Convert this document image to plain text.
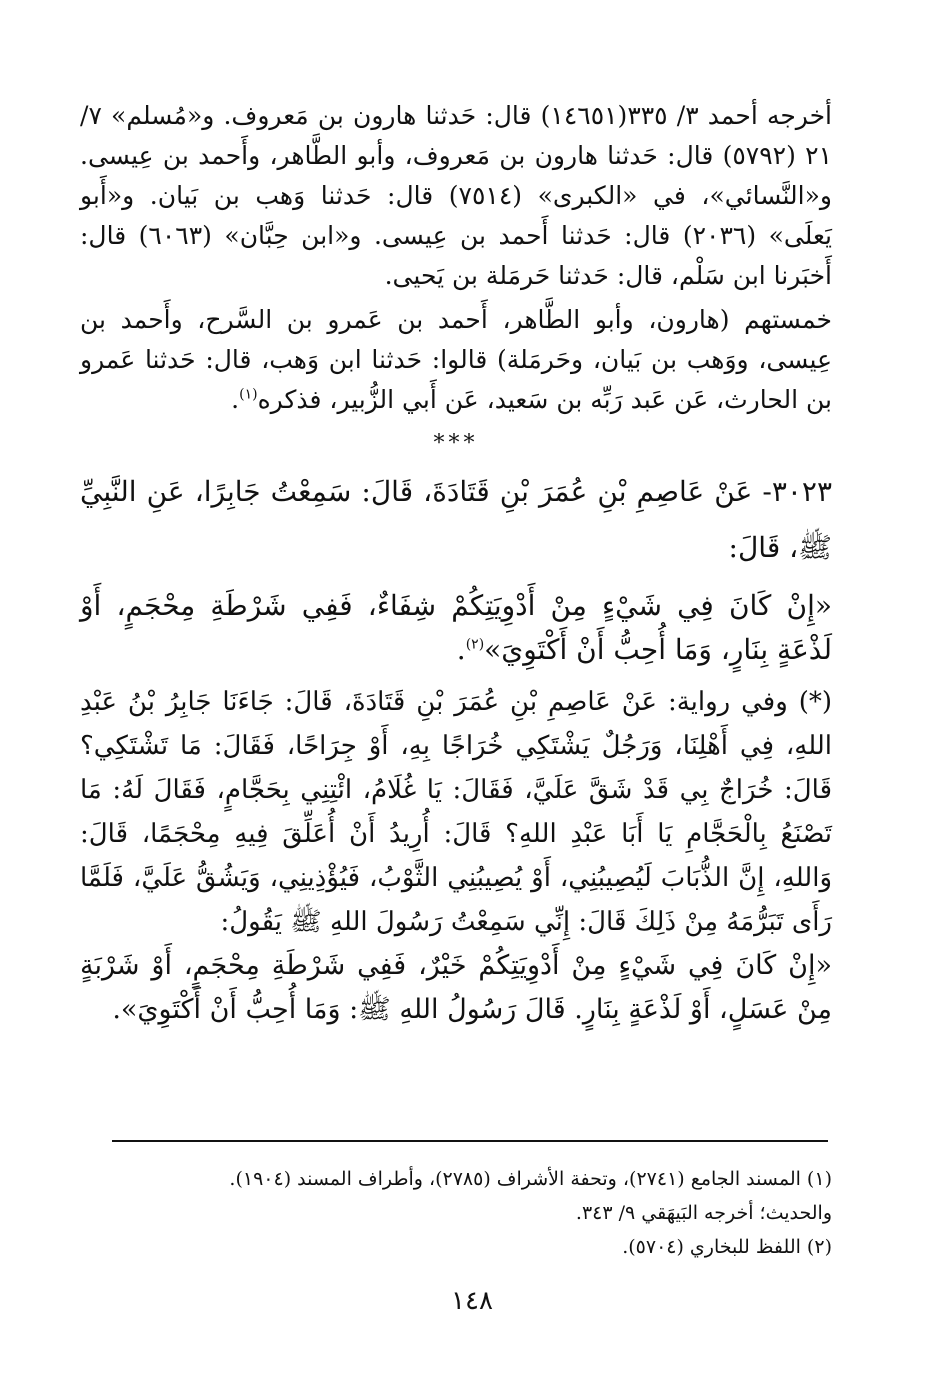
أخرجه أحمد ٣/ ٣٣٥(١٤٦٥١) قال: حَدثنا هارون بن مَعروف. و«مُسلم» ٧/ ٢١ (٥٧٩٢) قال: حَدثنا هارون بن مَعروف، وأبو الطَّاهر، وأَحمد بن عِيسى. و«النَّسائي»، في «الكبرى» (٧٥١٤) قال: حَدثنا وَهب بن بَيان. و«أَبو يَعلَى» (٢٠٣٦) قال: حَدثنا أَحمد بن عِيسى. و«ابن حِبَّان» (٦٠٦٣) قال: أَخبَرنا ابن سَلْم، قال: حَدثنا حَرمَلة بن يَحيى.

خمستهم (هارون، وأبو الطَّاهر، أَحمد بن عَمرو بن السَّرح، وأَحمد بن عِيسى، ووَهب بن بَيان، وحَرمَلة) قالوا: حَدثنا ابن وَهب، قال: حَدثنا عَمرو بن الحارث، عَن عَبد رَبِّه بن سَعيد، عَن أَبي الزُّبير، فذكره$^{(١)}$.

***

٣٠٢٣- عَنْ عَاصِمِ بْنِ عُمَرَ بْنِ قَتَادَةَ، قَالَ: سَمِعْتُ جَابِرًا، عَنِ النَّبِيِّ ﷺ، قَالَ:

«إِنْ كَانَ فِي شَيْءٍ مِنْ أَدْوِيَتِكُمْ شِفَاءٌ، فَفِي شَرْطَةِ مِحْجَمٍ، أَوْ لَذْعَةٍ بِنَارٍ، وَمَا أُحِبُّ أَنْ أَكْتَوِيَ»$^{(٢)}$.

(*) وفي رواية: عَنْ عَاصِمِ بْنِ عُمَرَ بْنِ قَتَادَةَ، قَالَ: جَاءَنَا جَابِرُ بْنُ عَبْدِ اللهِ، فِي أَهْلِنَا، وَرَجُلٌ يَشْتَكِي خُرَاجًا بِهِ، أَوْ جِرَاحًا، فَقَالَ: مَا تَشْتَكِي؟ قَالَ: خُرَاجٌ بِي قَدْ شَقَّ عَلَيَّ، فَقَالَ: يَا غُلَامُ، ائْتِنِي بِحَجَّامٍ، فَقَالَ لَهُ: مَا تَصْنَعُ بِالْحَجَّامِ يَا أَبَا عَبْدِ اللهِ؟ قَالَ: أُرِيدُ أَنْ أُعَلِّقَ فِيهِ مِحْجَمًا، قَالَ: وَاللهِ، إِنَّ الذُّبَابَ لَيُصِيبُنِي، أَوْ يُصِيبُنِي الثَّوْبُ، فَيُؤْذِينِي، وَيَشُقُّ عَلَيَّ، فَلَمَّا رَأَى تَبَرُّمَهُ مِنْ ذَلِكَ قَالَ: إِنِّي سَمِعْتُ رَسُولَ اللهِ ﷺ يَقُولُ:

«إِنْ كَانَ فِي شَيْءٍ مِنْ أَدْوِيَتِكُمْ خَيْرٌ، فَفِي شَرْطَةِ مِحْجَمٍ، أَوْ شَرْبَةٍ مِنْ عَسَلٍ، أَوْ لَذْعَةٍ بِنَارٍ. قَالَ رَسُولُ اللهِ ﷺ: وَمَا أُحِبُّ أَنْ أَكْتَوِيَ».

(١) المسند الجامع (٢٧٤١)، وتحفة الأشراف (٢٧٨٥)، وأطراف المسند (١٩٠٤).

والحديث؛ أخرجه البَيهَقي ٩/ ٣٤٣.

(٢) اللفظ للبخاري (٥٧٠٤).

١٤٨
